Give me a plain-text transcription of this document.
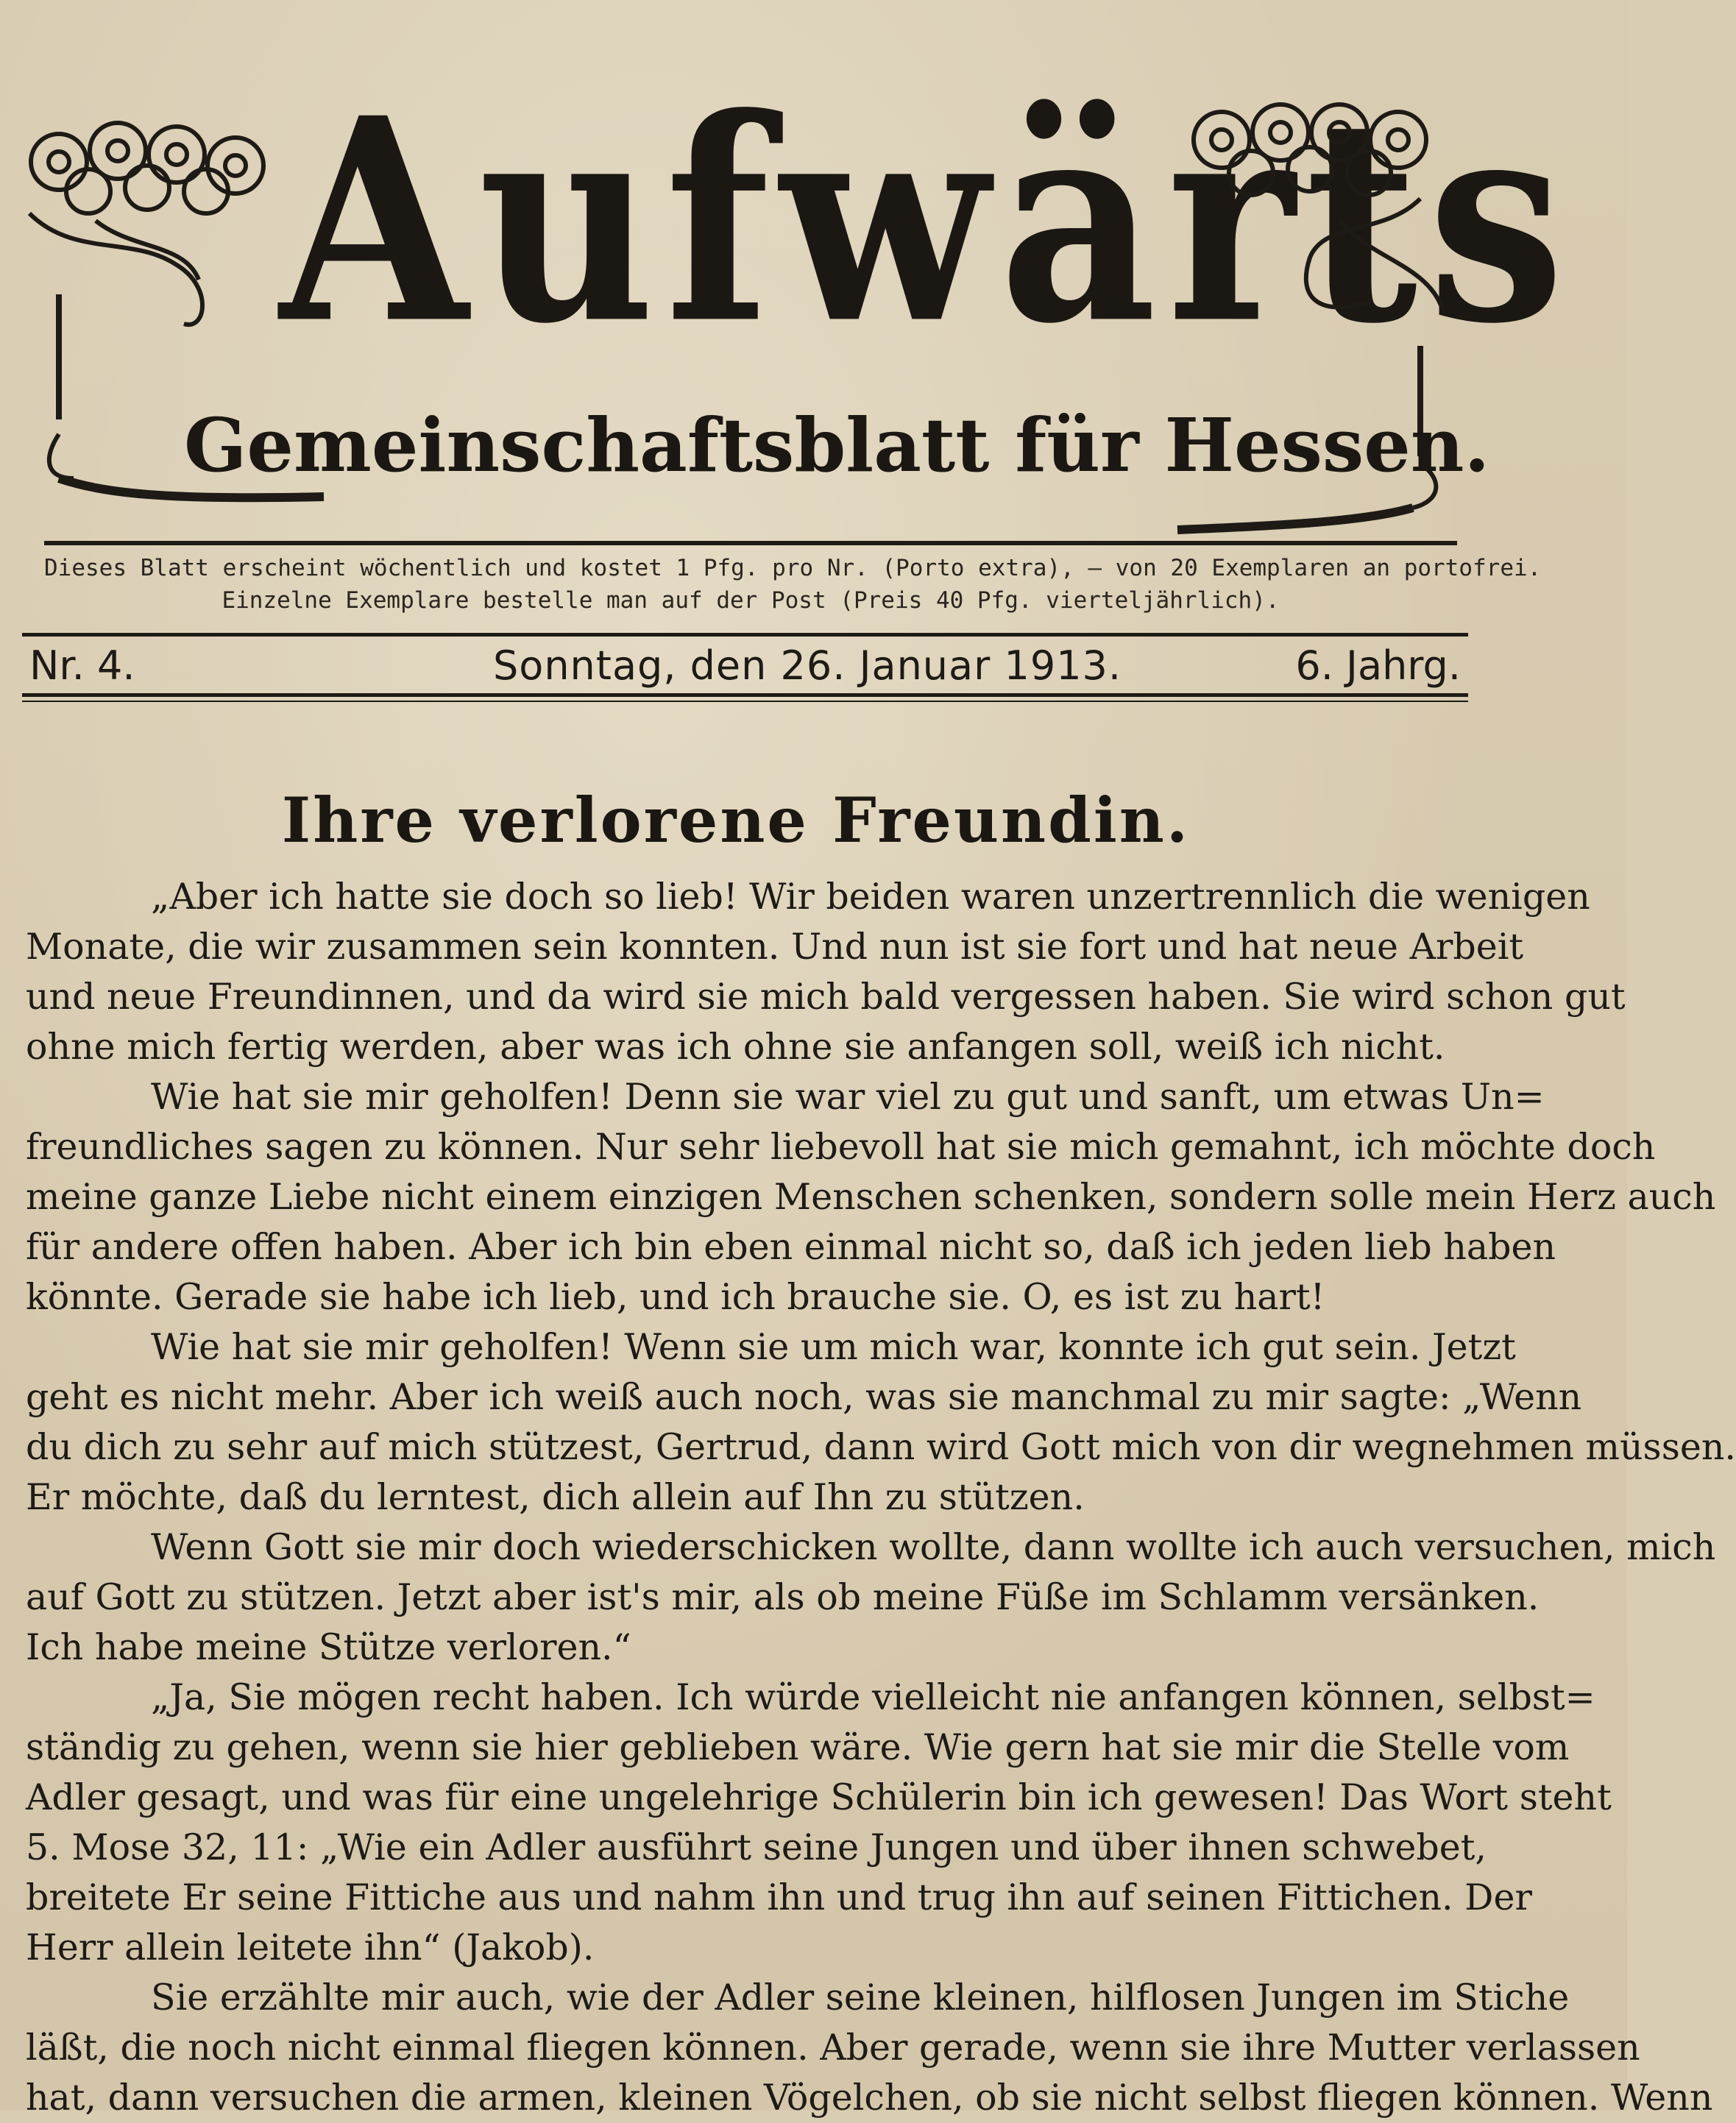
Aufwärts
Gemeinschaftsblatt für Hessen.
Dieses Blatt erscheint wöchentlich und kostet 1 Pfg. pro Nr. (Porto extra), — von 20 Exemplaren an portofrei.
Einzelne Exemplare bestelle man auf der Post (Preis 40 Pfg. vierteljährlich).
Nr. 4.	Sonntag, den 26. Januar 1913.	6. Jahrg.
Ihre verlorene Freundin.
„Aber ich hatte sie doch so lieb! Wir beiden waren unzertrennlich die wenigen
Monate, die wir zusammen sein konnten. Und nun ist sie fort und hat neue Arbeit
und neue Freundinnen, und da wird sie mich bald vergessen haben. Sie wird schon gut
ohne mich fertig werden, aber was ich ohne sie anfangen soll, weiß ich nicht.
Wie hat sie mir geholfen! Denn sie war viel zu gut und sanft, um etwas Un=
freundliches sagen zu können. Nur sehr liebevoll hat sie mich gemahnt, ich möchte doch
meine ganze Liebe nicht einem einzigen Menschen schenken, sondern solle mein Herz auch
für andere offen haben. Aber ich bin eben einmal nicht so, daß ich jeden lieb haben
könnte. Gerade sie habe ich lieb, und ich brauche sie. O, es ist zu hart!
Wie hat sie mir geholfen! Wenn sie um mich war, konnte ich gut sein. Jetzt
geht es nicht mehr. Aber ich weiß auch noch, was sie manchmal zu mir sagte: „Wenn
du dich zu sehr auf mich stützest, Gertrud, dann wird Gott mich von dir wegnehmen müssen.
Er möchte, daß du lerntest, dich allein auf Ihn zu stützen.
Wenn Gott sie mir doch wiederschicken wollte, dann wollte ich auch versuchen, mich
auf Gott zu stützen. Jetzt aber ist's mir, als ob meine Füße im Schlamm versänken.
Ich habe meine Stütze verloren.“
„Ja, Sie mögen recht haben. Ich würde vielleicht nie anfangen können, selbst=
ständig zu gehen, wenn sie hier geblieben wäre. Wie gern hat sie mir die Stelle vom
Adler gesagt, und was für eine ungelehrige Schülerin bin ich gewesen! Das Wort steht
5. Mose 32, 11: „Wie ein Adler ausführt seine Jungen und über ihnen schwebet,
breitete Er seine Fittiche aus und nahm ihn und trug ihn auf seinen Fittichen. Der
Herr allein leitete ihn“ (Jakob).
Sie erzählte mir auch, wie der Adler seine kleinen, hilflosen Jungen im Stiche
läßt, die noch nicht einmal fliegen können. Aber gerade, wenn sie ihre Mutter verlassen
hat, dann versuchen die armen, kleinen Vögelchen, ob sie nicht selbst fliegen können. Wenn
